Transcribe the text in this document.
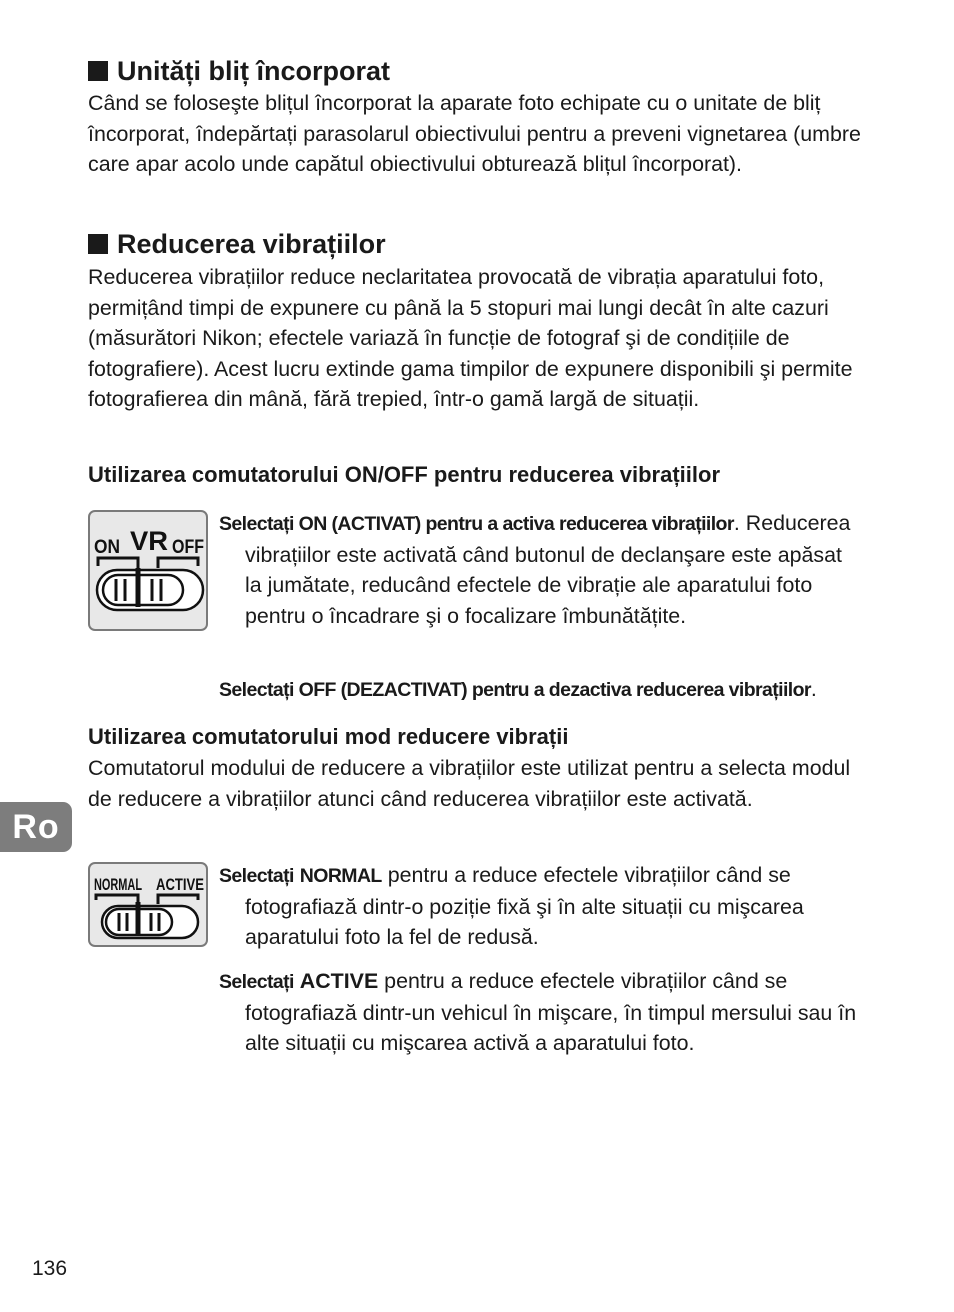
Unități bliț încorporat
Când se foloseşte blițul încorporat la aparate foto echipate cu o unitate de bliț încorporat, îndepărtați parasolarul obiectivului pentru a preveni vignetarea (umbre care apar acolo unde capătul obiectivului obturează blițul încorporat).
Reducerea vibrațiilor
Reducerea vibrațiilor reduce neclaritatea provocată de vibrația aparatului foto, permițând timpi de expunere cu până la 5 stopuri mai lungi decât în alte cazuri (măsurători Nikon; efectele variază în funcție de fotograf şi de condițiile de fotografiere). Acest lucru extinde gama timpilor de expunere disponibili şi permite fotografierea din mână, fără trepied, într-o gamă largă de situații.
Utilizarea comutatorului ON/OFF pentru reducerea vibrațiilor
ON VR OFF
Selectați ON (ACTIVAT) pentru a activa reducerea vibrațiilor. Reducerea vibrațiilor este activată când butonul de declanşare este apăsat la jumătate, reducând efectele de vibrație ale aparatului foto pentru o încadrare şi o focalizare îmbunătățite.
Selectați OFF (DEZACTIVAT) pentru a dezactiva reducerea vibrațiilor.
Utilizarea comutatorului mod reducere vibrații
Comutatorul modului de reducere a vibrațiilor este utilizat pentru a selecta modul de reducere a vibrațiilor atunci când reducerea vibrațiilor este activată.
Ro
NORMAL ACTIVE Selectați NORMAL pentru a reduce efectele vibrațiilor când se fotografiază dintr-o poziție fixă şi în alte situații cu mişcarea aparatului foto la fel de redusă.
Selectați ACTIVE pentru a reduce efectele vibrațiilor când se fotografiază dintr-un vehicul în mişcare, în timpul mersului sau în alte situații cu mişcarea activă a aparatului foto.
136
